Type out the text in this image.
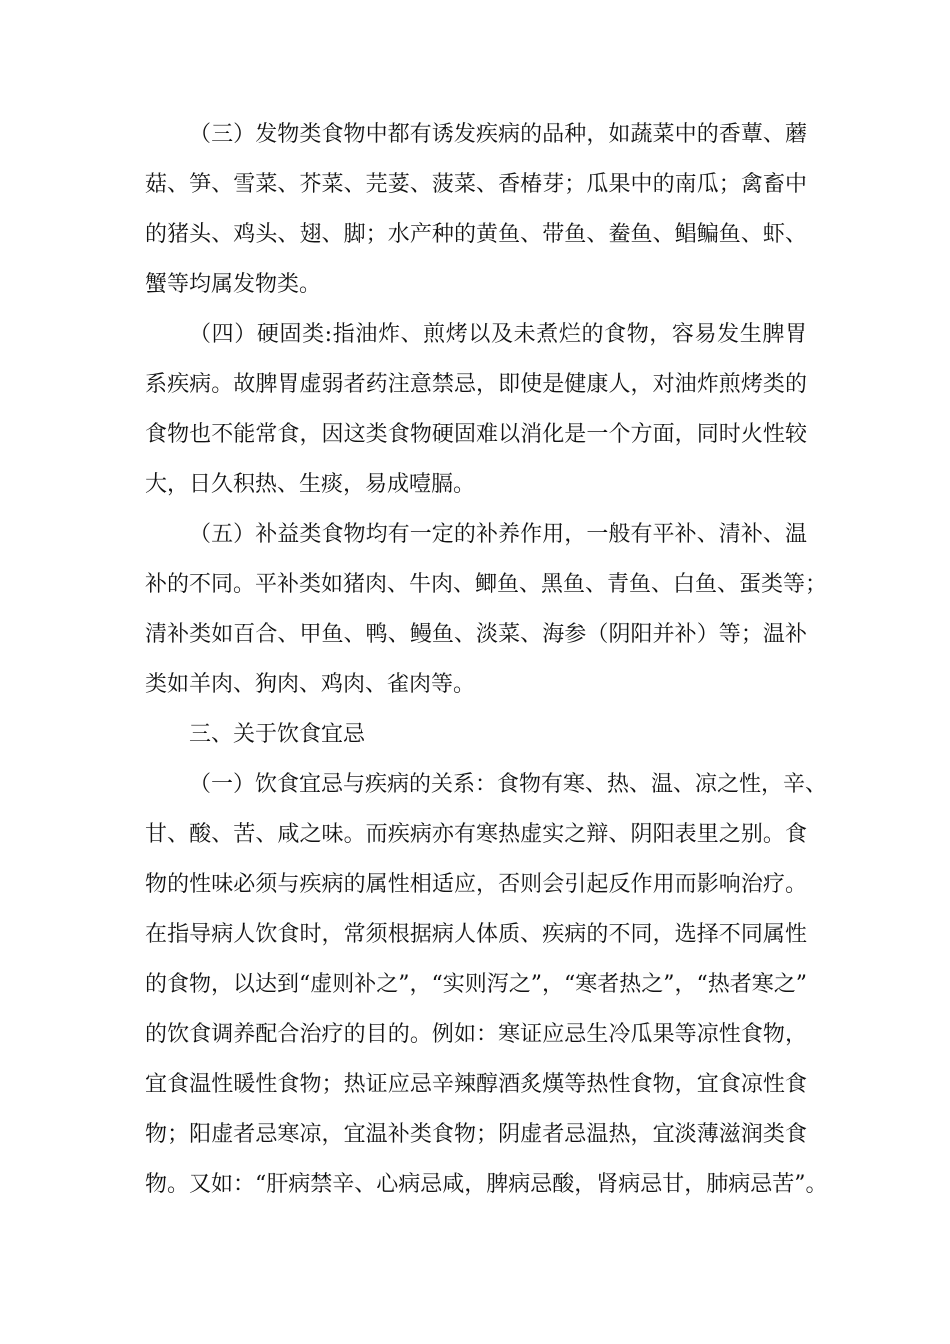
（三）发物类食物中都有诱发疾病的品种，如蔬菜中的香蕈、蘑
菇、笋、雪菜、芥菜、芫荽、菠菜、香椿芽；瓜果中的南瓜；禽畜中
的猪头、鸡头、翅、脚；水产种的黄鱼、带鱼、鲞鱼、鲳鳊鱼、虾、
蟹等均属发物类。
（四）硬固类:指油炸、煎烤以及未煮烂的食物，容易发生脾胃
系疾病。故脾胃虚弱者药注意禁忌，即使是健康人，对油炸煎烤类的
食物也不能常食，因这类食物硬固难以消化是一个方面，同时火性较
大，日久积热、生痰，易成噎膈。
（五）补益类食物均有一定的补养作用，一般有平补、清补、温
补的不同。平补类如猪肉、牛肉、鲫鱼、黑鱼、青鱼、白鱼、蛋类等；
清补类如百合、甲鱼、鸭、鳗鱼、淡菜、海参（阴阳并补）等；温补
类如羊肉、狗肉、鸡肉、雀肉等。
三、关于饮食宜忌
（一）饮食宜忌与疾病的关系：食物有寒、热、温、凉之性，辛、
甘、酸、苦、咸之味。而疾病亦有寒热虚实之辩、阴阳表里之别。食
物的性味必须与疾病的属性相适应，否则会引起反作用而影响治疗。
在指导病人饮食时，常须根据病人体质、疾病的不同，选择不同属性
的食物，以达到“虚则补之”，“实则泻之”，“寒者热之”，“热者寒之”
的饮食调养配合治疗的目的。例如：寒证应忌生冷瓜果等凉性食物，
宜食温性暖性食物；热证应忌辛辣醇酒炙熯等热性食物，宜食凉性食
物；阳虚者忌寒凉，宜温补类食物；阴虚者忌温热，宜淡薄滋润类食
物。又如：“肝病禁辛、心病忌咸，脾病忌酸，肾病忌甘，肺病忌苦”。
